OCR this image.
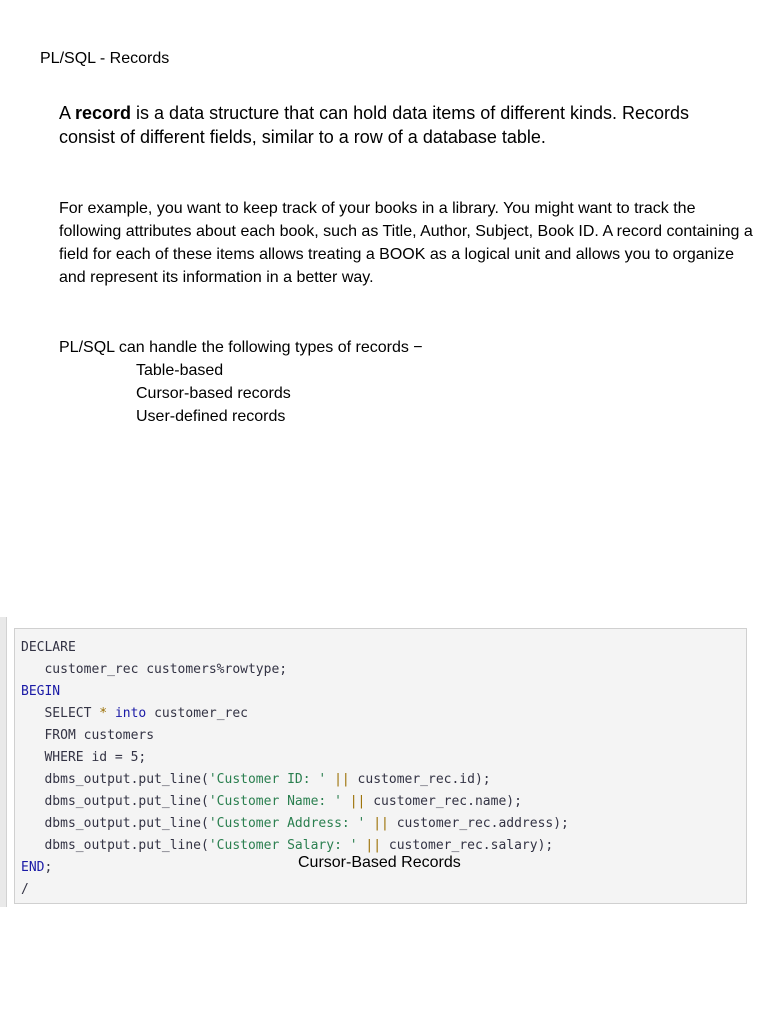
PL/SQL - Records

A record is a data structure that can hold data items of different kinds. Records consist of different fields, similar to a row of a database table.

For example, you want to keep track of your books in a library. You might want to track the following attributes about each book, such as Title, Author, Subject, Book ID. A record containing a field for each of these items allows treating a BOOK as a logical unit and allows you to organize and represent its information in a better way.

PL/SQL can handle the following types of records −
Table-based
Cursor-based records
User-defined records
DECLARE
customer_rec customers%rowtype;
BEGIN
SELECT * into customer_rec
FROM customers
WHERE id = 5;
dbms_output.put_line('Customer ID: ' || customer_rec.id);
dbms_output.put_line('Customer Name: ' || customer_rec.name);
dbms_output.put_line('Customer Address: ' || customer_rec.address);
dbms_output.put_line('Customer Salary: ' || customer_rec.salary);
END;
/
Cursor-Based Records
